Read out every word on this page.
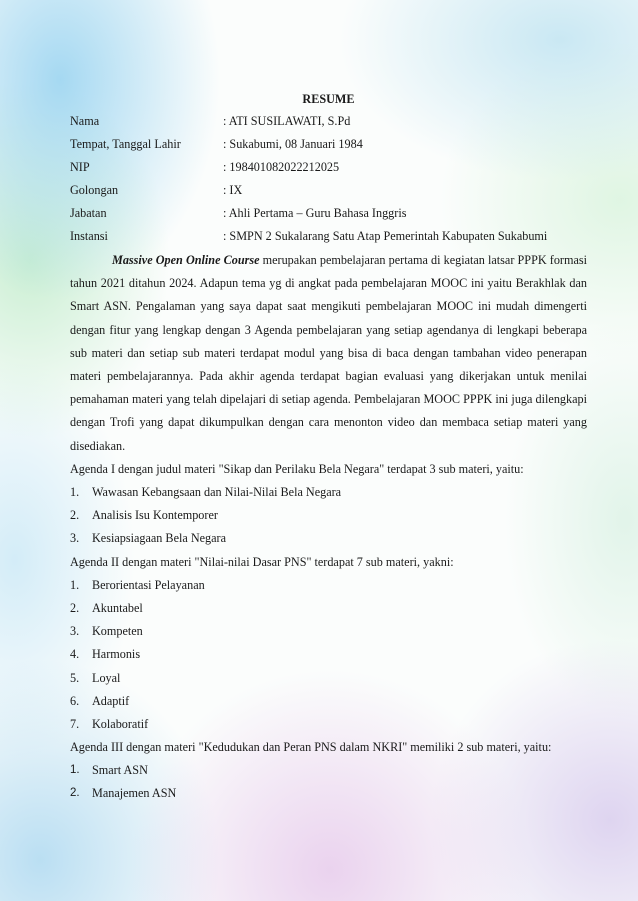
RESUME
Nama	: ATI SUSILAWATI, S.Pd
Tempat, Tanggal Lahir	: Sukabumi, 08 Januari 1984
NIP	: 198401082022212025
Golongan	: IX
Jabatan	: Ahli Pertama – Guru Bahasa Inggris
Instansi	: SMPN 2 Sukalarang Satu Atap Pemerintah Kabupaten Sukabumi

Massive Open Online Course merupakan pembelajaran pertama di kegiatan latsar PPPK formasi tahun 2021 ditahun 2024. Adapun tema yg di angkat pada pembelajaran MOOC ini yaitu Berakhlak dan Smart ASN. Pengalaman yang saya dapat saat mengikuti pembelajaran MOOC ini mudah dimengerti dengan fitur yang lengkap dengan 3 Agenda pembelajaran yang setiap agendanya di lengkapi beberapa sub materi dan setiap sub materi terdapat modul yang bisa di baca dengan tambahan video penerapan materi pembelajarannya. Pada akhir agenda terdapat bagian evaluasi yang dikerjakan untuk menilai pemahaman materi yang telah dipelajari di setiap agenda. Pembelajaran MOOC PPPK ini juga dilengkapi dengan Trofi yang dapat dikumpulkan dengan cara menonton video dan membaca setiap materi yang disediakan.

Agenda I dengan judul materi "Sikap dan Perilaku Bela Negara" terdapat 3 sub materi, yaitu:

1.	Wawasan Kebangsaan dan Nilai-Nilai Bela Negara
2.	Analisis Isu Kontemporer
3.	Kesiapsiagaan Bela Negara

Agenda II dengan materi "Nilai-nilai Dasar PNS" terdapat 7 sub materi, yakni:

1.	Berorientasi Pelayanan
2.	Akuntabel
3.	Kompeten
4.	Harmonis
5.	Loyal
6.	Adaptif
7.	Kolaboratif

Agenda III dengan materi "Kedudukan dan Peran PNS dalam NKRI" memiliki 2 sub materi, yaitu:

1.	Smart ASN
2.	Manajemen ASN
